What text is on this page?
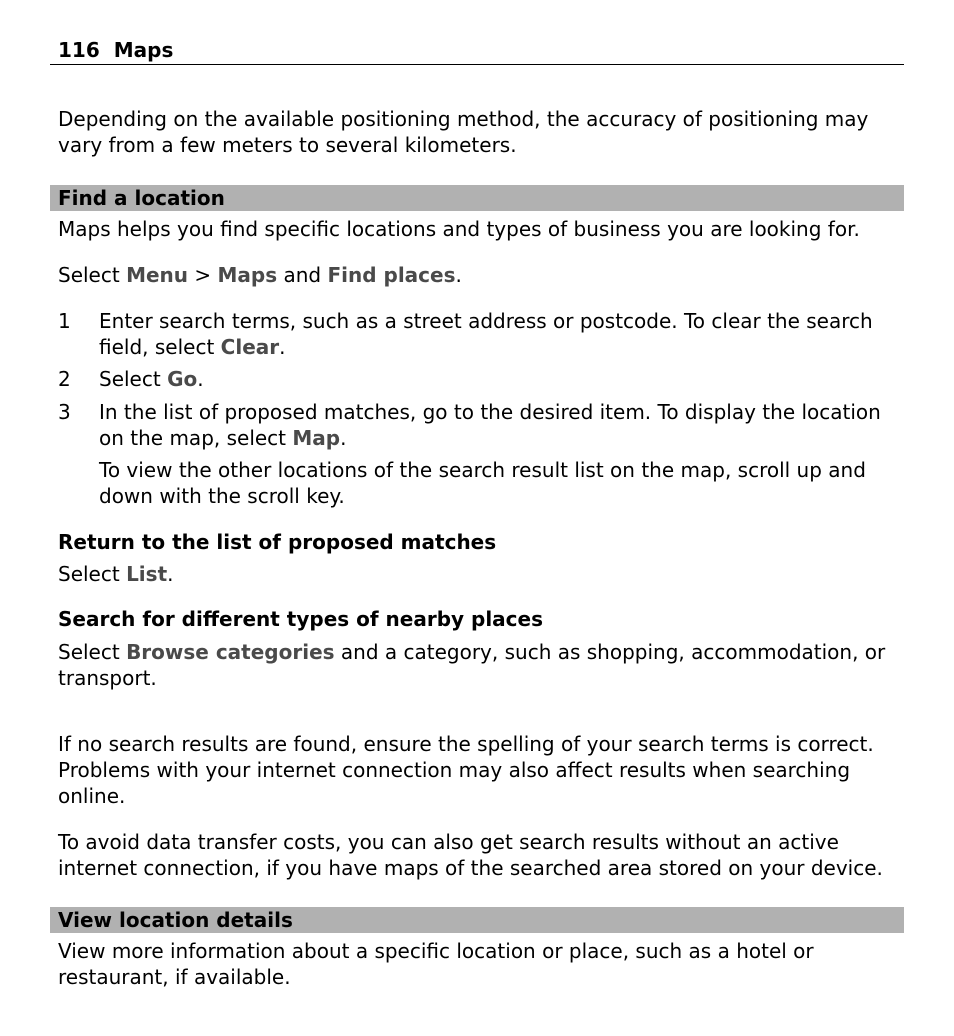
116 Maps
Depending on the available positioning method, the accuracy of positioning may vary from a few meters to several kilometers.
Find a location
Maps helps you find specific locations and types of business you are looking for.
Select Menu > Maps and Find places.
1 Enter search terms, such as a street address or postcode. To clear the search field, select Clear.
2 Select Go.
3 In the list of proposed matches, go to the desired item. To display the location on the map, select Map.
To view the other locations of the search result list on the map, scroll up and down with the scroll key.
Return to the list of proposed matches
Select List.
Search for different types of nearby places
Select Browse categories and a category, such as shopping, accommodation, or transport.
If no search results are found, ensure the spelling of your search terms is correct. Problems with your internet connection may also affect results when searching online.
To avoid data transfer costs, you can also get search results without an active internet connection, if you have maps of the searched area stored on your device.
View location details
View more information about a specific location or place, such as a hotel or restaurant, if available.
